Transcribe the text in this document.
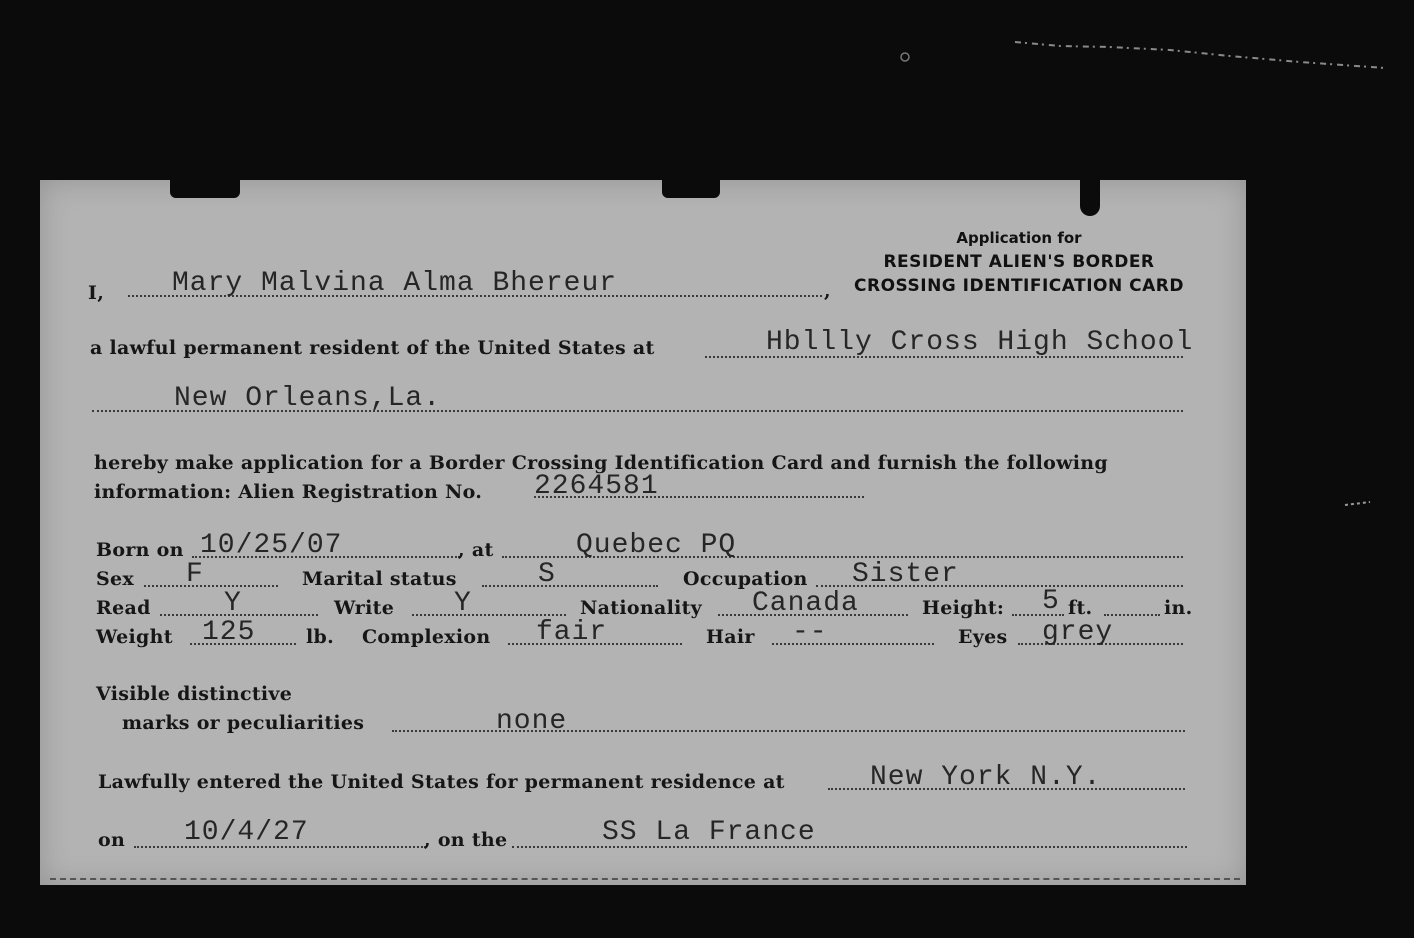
Application for
RESIDENT ALIEN'S BORDER
CROSSING IDENTIFICATION CARD
I, Mary Malvina Alma Bhereur	,
a lawful permanent resident of the United States at	Hbllly Cross High School
New Orleans,La.
hereby make application for a Border Crossing Identification Card and furnish the following
information: Alien Registration No. 2264581
Born on 10/25/07	, at	Quebec PQ
Sex F	Marital status	S	Occupation Sister
Read	Y	Write Y	Nationality Canada	Height: 5 ft.	in.
Weight 125	lb. Complexion fair	Hair --	Eyes grey
Visible distinctive
marks or peculiarities	none
Lawfully entered the United States for permanent residence at	New York N.Y.
on 10/4/27	, on the	SS La France
